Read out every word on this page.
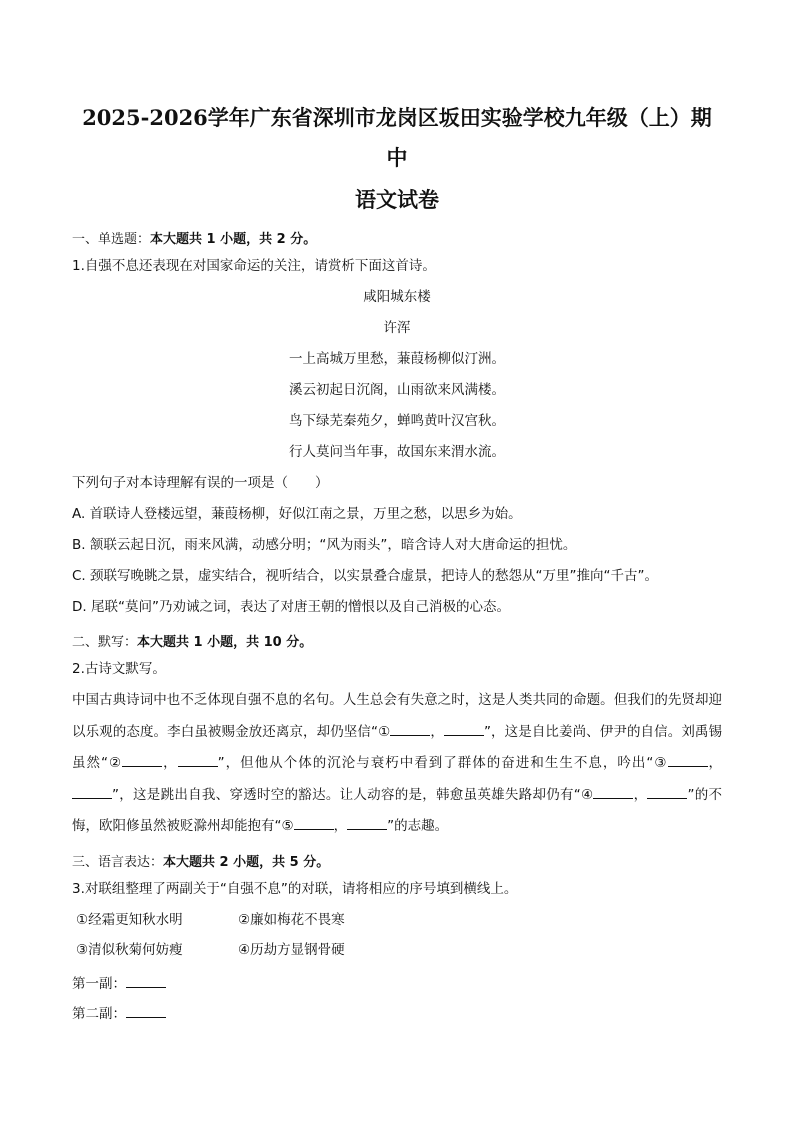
2025-2026学年广东省深圳市龙岗区坂田实验学校九年级（上）期中
语文试卷
一、单选题：本大题共 1 小题，共 2 分。
1.自强不息还表现在对国家命运的关注，请赏析下面这首诗。
咸阳城东楼
许浑
一上高城万里愁，蒹葭杨柳似汀洲。
溪云初起日沉阁，山雨欲来风满楼。
鸟下绿芜秦苑夕，蝉鸣黄叶汉宫秋。
行人莫问当年事，故国东来渭水流。
下列句子对本诗理解有误的一项是（　　）
A. 首联诗人登楼远望，蒹葭杨柳，好似江南之景，万里之愁，以思乡为始。
B. 颔联云起日沉，雨来风满，动感分明；“风为雨头”，暗含诗人对大唐命运的担忧。
C. 颈联写晚眺之景，虚实结合，视听结合，以实景叠合虚景，把诗人的愁怨从“万里”推向“千古”。
D. 尾联“莫问”乃劝诫之词，表达了对唐王朝的憎恨以及自己消极的心态。
二、默写：本大题共 1 小题，共 10 分。
2.古诗文默写。
中国古典诗词中也不乏体现自强不息的名句。人生总会有失意之时，这是人类共同的命题。但我们的先贤却迎以乐观的态度。李白虽被赐金放还离京，却仍坚信“①	，	”，这是自比姜尚、伊尹的自信。刘禹锡虽然“②	，	”，但他从个体的沉沦与衰朽中看到了群体的奋进和生生不息，吟出“③	，”，这是跳出自我、穿透时空的豁达。让人动容的是，韩愈虽英雄失路却仍有“④	，	”的不悔，欧阳修虽然被贬滁州却能抱有“⑤	，	”的志趣。
三、语言表达：本大题共 2 小题，共 5 分。
3.对联组整理了两副关于“自强不息”的对联，请将相应的序号填到横线上。
①经霜更知秋水明	②廉如梅花不畏寒
③清似秋菊何妨瘦	④历劫方显钢骨硬
第一副：
第二副：
